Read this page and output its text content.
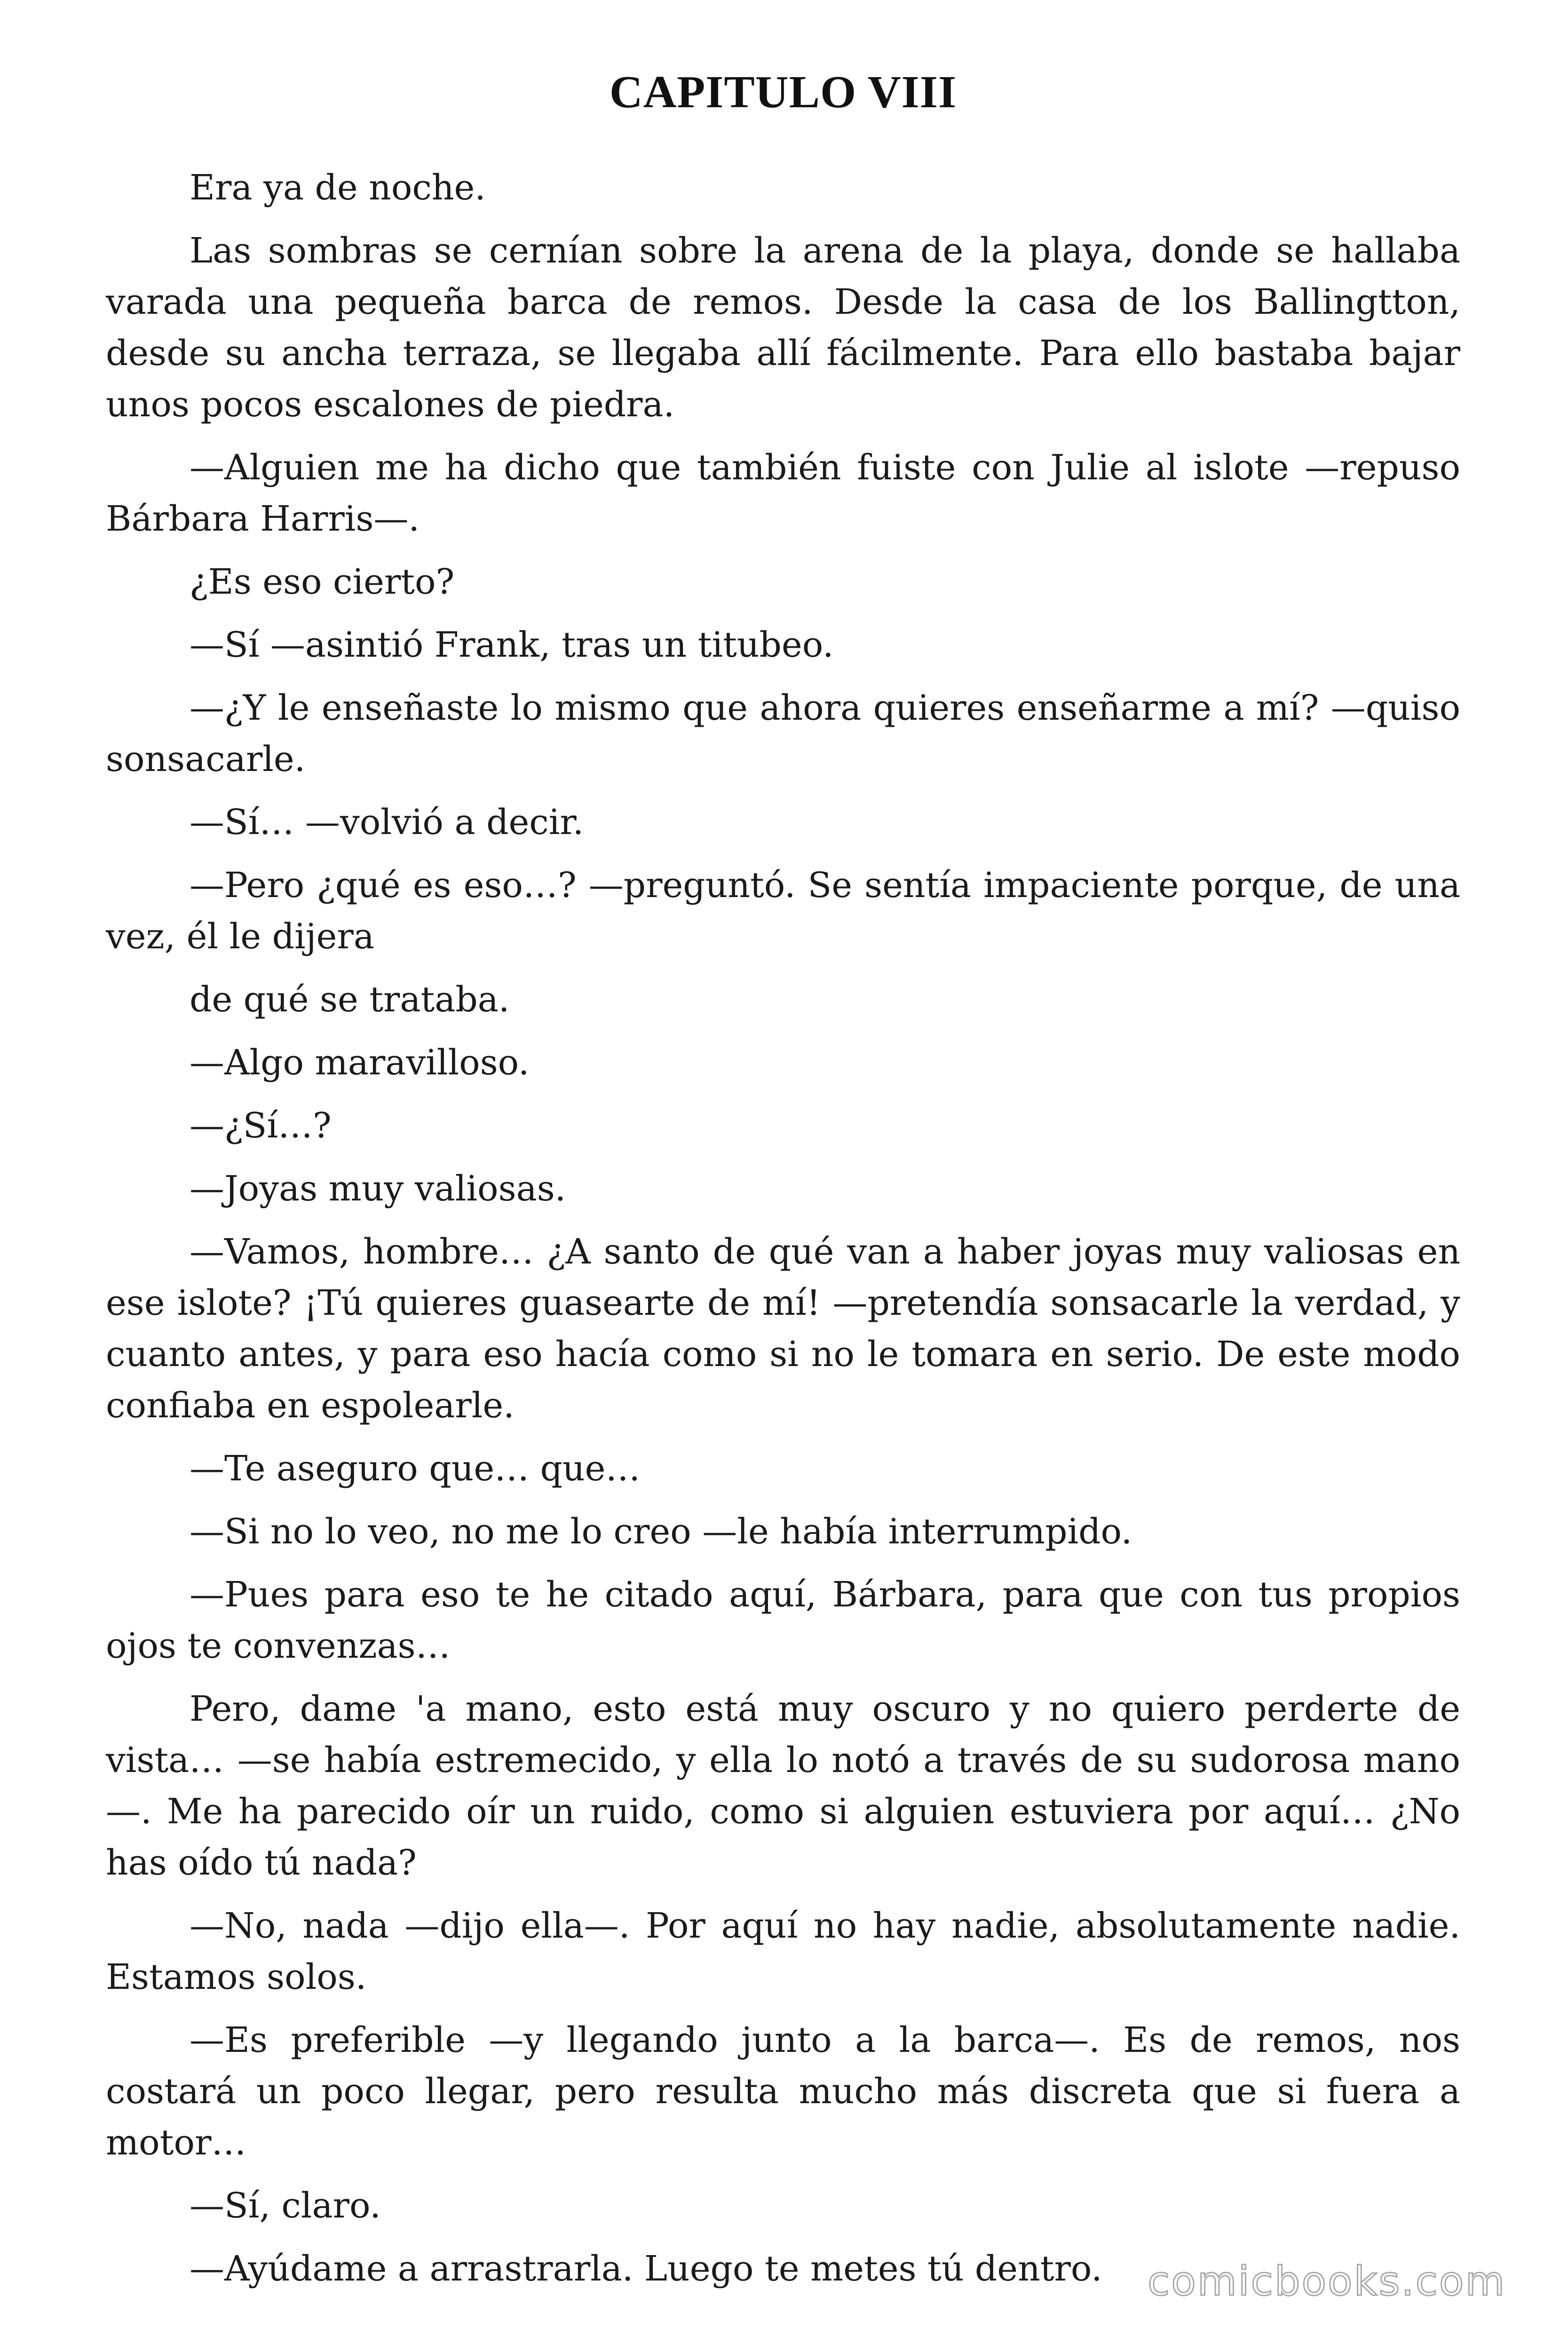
CAPITULO VIII

Era ya de noche.

Las sombras se cernían sobre la arena de la playa, donde se hallaba varada una pequeña barca de remos. Desde la casa de los Ballingtton, desde su ancha terraza, se llegaba allí fácilmente. Para ello bastaba bajar unos pocos escalones de piedra.

—Alguien me ha dicho que también fuiste con Julie al islote —repuso Bárbara Harris—.

¿Es eso cierto?

—Sí —asintió Frank, tras un titubeo.

—¿Y le enseñaste lo mismo que ahora quieres enseñarme a mí? —quiso sonsacarle.

—Sí… —volvió a decir.

—Pero ¿qué es eso…? —preguntó. Se sentía impaciente porque, de una vez, él le dijera

de qué se trataba.

—Algo maravilloso.

—¿Sí…?

—Joyas muy valiosas.

—Vamos, hombre… ¿A santo de qué van a haber joyas muy valiosas en ese islote? ¡Tú quieres guasearte de mí! —pretendía sonsacarle la verdad, y cuanto antes, y para eso hacía como si no le tomara en serio. De este modo confiaba en espolearle.

—Te aseguro que… que…

—Si no lo veo, no me lo creo —le había interrumpido.

—Pues para eso te he citado aquí, Bárbara, para que con tus propios ojos te convenzas…

Pero, dame 'a mano, esto está muy oscuro y no quiero perderte de vista… —se había estremecido, y ella lo notó a través de su sudorosa mano—. Me ha parecido oír un ruido, como si alguien estuviera por aquí… ¿No has oído tú nada?

—No, nada —dijo ella—. Por aquí no hay nadie, absolutamente nadie. Estamos solos.

—Es preferible —y llegando junto a la barca—. Es de remos, nos costará un poco llegar, pero resulta mucho más discreta que si fuera a motor…

—Sí, claro.

—Ayúdame a arrastrarla. Luego te metes tú dentro.	comicbooks.com
